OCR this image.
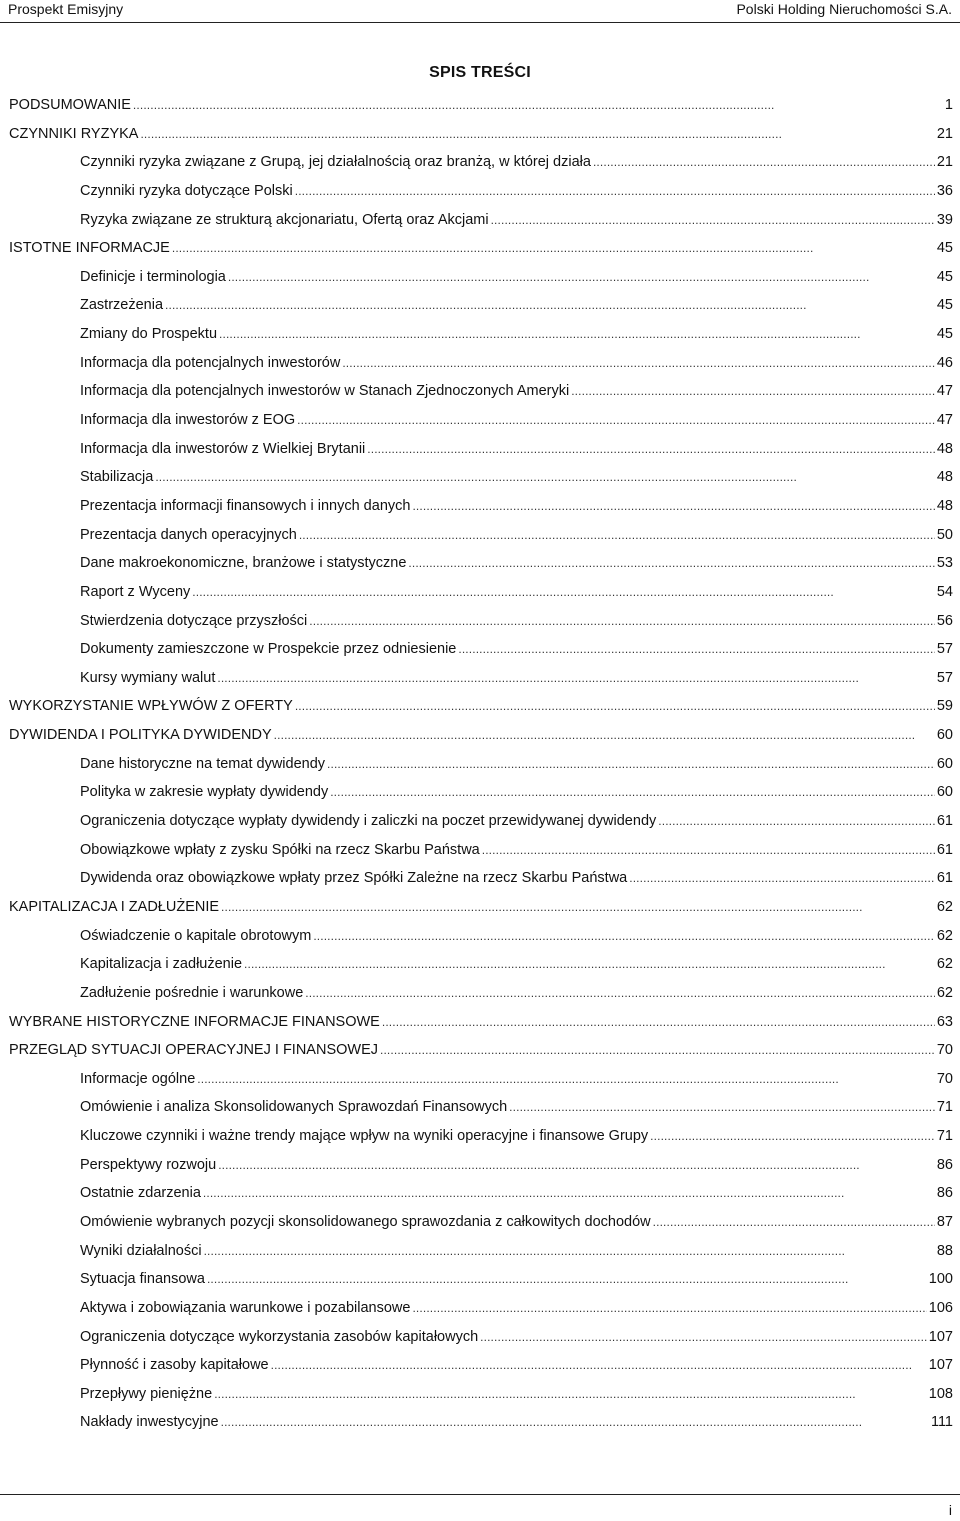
Prospekt Emisyjny	Polski Holding Nieruchomości S.A.
SPIS TREŚCI
PODSUMOWANIE . . .	1
CZYNNIKI RYZYKA . . .	21
Czynniki ryzyka związane z Grupą, jej działalnością oraz branżą, w której działa . . .	21
Czynniki ryzyka dotyczące Polski . . .	36
Ryzyka związane ze strukturą akcjonariatu, Ofertą oraz Akcjami . . .	39
ISTOTNE INFORMACJE . . .	45
Definicje i terminologia . . .	45
Zastrzeżenia . . .	45
Zmiany do Prospektu . . .	45
Informacja dla potencjalnych inwestorów . . .	46
Informacja dla potencjalnych inwestorów w Stanach Zjednoczonych Ameryki . . .	47
Informacja dla inwestorów z EOG . . .	47
Informacja dla inwestorów z Wielkiej Brytanii . . .	48
Stabilizacja . . .	48
Prezentacja informacji finansowych i innych danych . . .	48
Prezentacja danych operacyjnych . . .	50
Dane makroekonomiczne, branżowe i statystyczne . . .	53
Raport z Wyceny . . .	54
Stwierdzenia dotyczące przyszłości . . .	56
Dokumenty zamieszczone w Prospekcie przez odniesienie . . .	57
Kursy wymiany walut . . .	57
WYKORZYSTANIE WPŁYWÓW Z OFERTY . . .	59
DYWIDENDA I POLITYKA DYWIDENDY . . .	60
Dane historyczne na temat dywidendy . . .	60
Polityka w zakresie wypłaty dywidendy . . .	60
Ograniczenia dotyczące wypłaty dywidendy i zaliczki na poczet przewidywanej dywidendy . . .	61
Obowiązkowe wpłaty z zysku Spółki na rzecz Skarbu Państwa . . .	61
Dywidenda oraz obowiązkowe wpłaty przez Spółki Zależne na rzecz Skarbu Państwa . . .	61
KAPITALIZACJA I ZADŁUŻENIE . . .	62
Oświadczenie o kapitale obrotowym . . .	62
Kapitalizacja i zadłużenie . . .	62
Zadłużenie pośrednie i warunkowe . . .	62
WYBRANE HISTORYCZNE INFORMACJE FINANSOWE . . .	63
PRZEGLĄD SYTUACJI OPERACYJNEJ I FINANSOWEJ . . .	70
Informacje ogólne . . .	70
Omówienie i analiza Skonsolidowanych Sprawozdań Finansowych . . .	71
Kluczowe czynniki i ważne trendy mające wpływ na wyniki operacyjne i finansowe Grupy . . .	71
Perspektywy rozwoju . . .	86
Ostatnie zdarzenia . . .	86
Omówienie wybranych pozycji skonsolidowanego sprawozdania z całkowitych dochodów . . .	87
Wyniki działalności . . .	88
Sytuacja finansowa . . .	100
Aktywa i zobowiązania warunkowe i pozabilansowe . . .	106
Ograniczenia dotyczące wykorzystania zasobów kapitałowych . . .	107
Płynność i zasoby kapitałowe . . .	107
Przepływy pieniężne . . .	108
Nakłady inwestycyjne . . .	111
i
